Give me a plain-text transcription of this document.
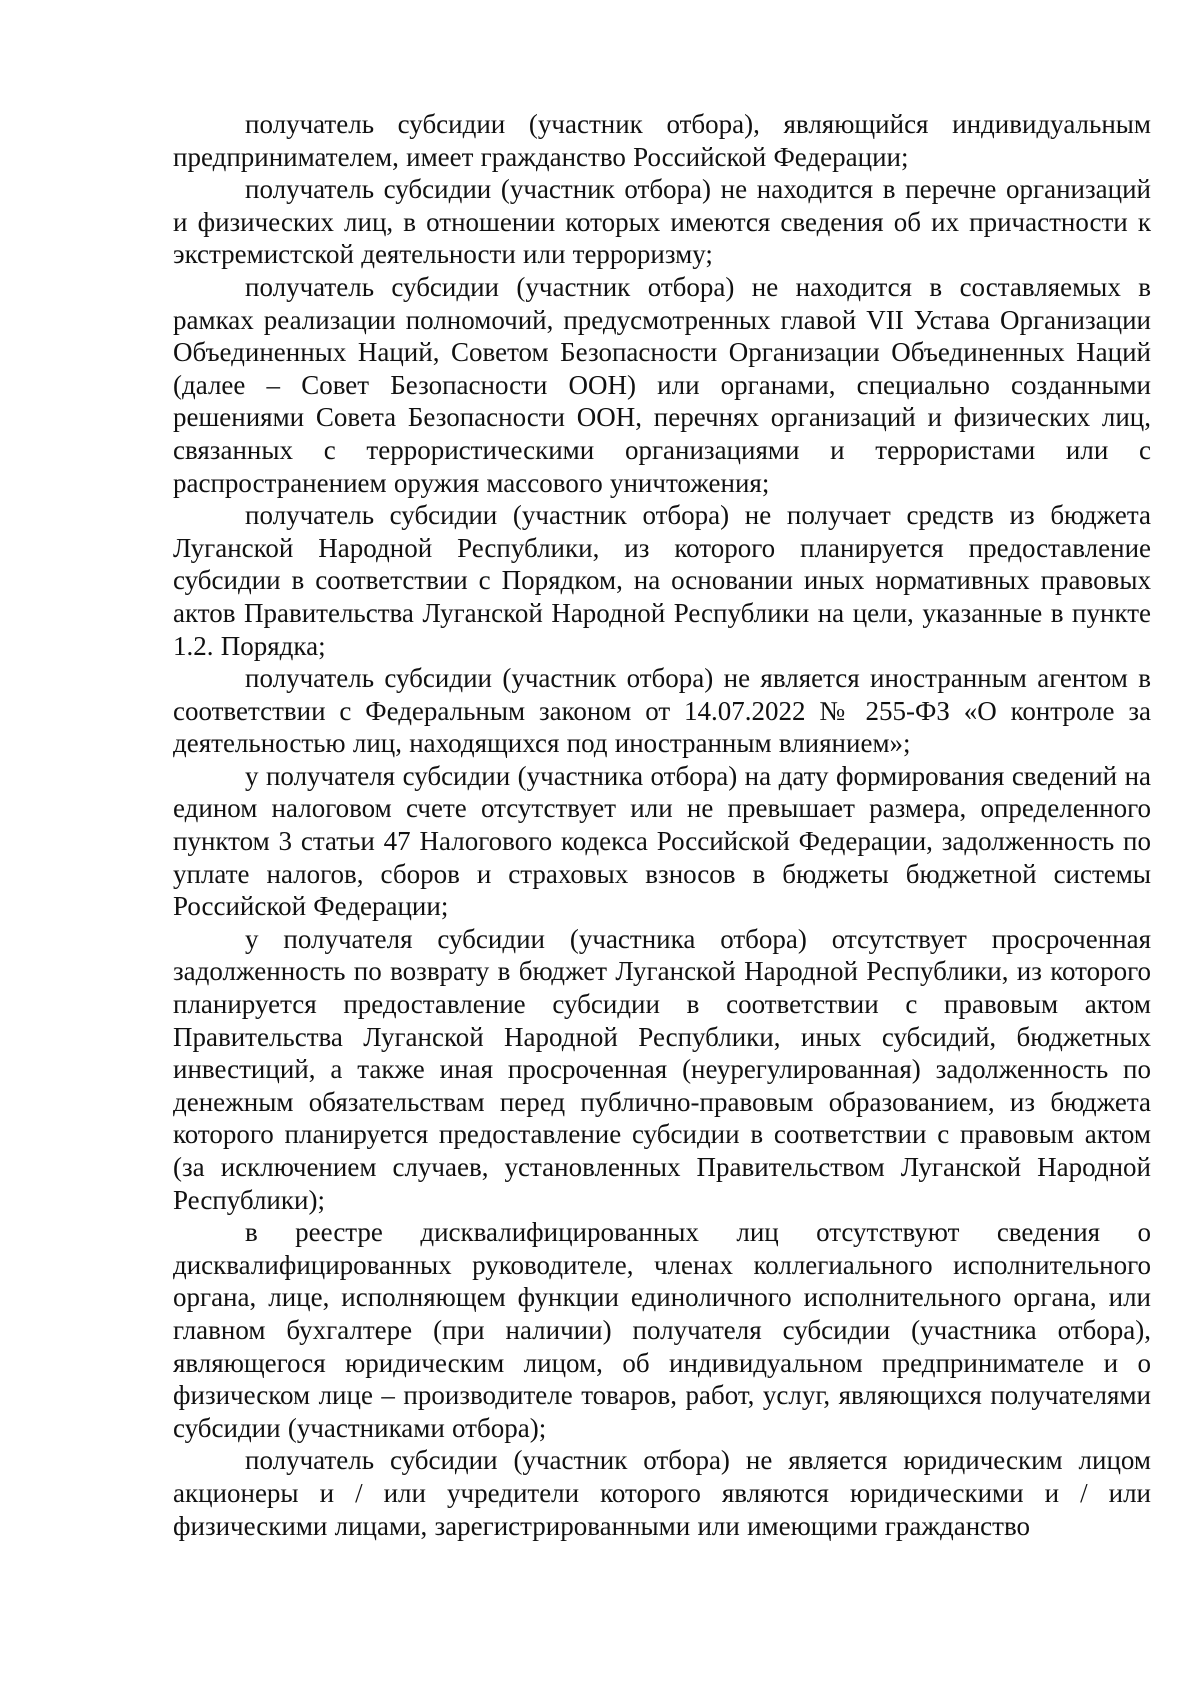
получатель субсидии (участник отбора), являющийся индивидуальным предпринимателем, имеет гражданство Российской Федерации;

получатель субсидии (участник отбора) не находится в перечне организаций и физических лиц, в отношении которых имеются сведения об их причастности к экстремистской деятельности или терроризму;

получатель субсидии (участник отбора) не находится в составляемых в рамках реализации полномочий, предусмотренных главой VII Устава Организации Объединенных Наций, Советом Безопасности Организации Объединенных Наций (далее – Совет Безопасности ООН) или органами, специально созданными решениями Совета Безопасности ООН, перечнях организаций и физических лиц, связанных с террористическими организациями и террористами или с распространением оружия массового уничтожения;

получатель субсидии (участник отбора) не получает средств из бюджета Луганской Народной Республики, из которого планируется предоставление субсидии в соответствии с Порядком, на основании иных нормативных правовых актов Правительства Луганской Народной Республики на цели, указанные в пункте 1.2. Порядка;

получатель субсидии (участник отбора) не является иностранным агентом в соответствии с Федеральным законом от 14.07.2022 № 255-ФЗ «О контроле за деятельностью лиц, находящихся под иностранным влиянием»;

у получателя субсидии (участника отбора) на дату формирования сведений на едином налоговом счете отсутствует или не превышает размера, определенного пунктом 3 статьи 47 Налогового кодекса Российской Федерации, задолженность по уплате налогов, сборов и страховых взносов в бюджеты бюджетной системы Российской Федерации;

у получателя субсидии (участника отбора) отсутствует просроченная задолженность по возврату в бюджет Луганской Народной Республики, из которого планируется предоставление субсидии в соответствии с правовым актом Правительства Луганской Народной Республики, иных субсидий, бюджетных инвестиций, а также иная просроченная (неурегулированная) задолженность по денежным обязательствам перед публично-правовым образованием, из бюджета которого планируется предоставление субсидии в соответствии с правовым актом (за исключением случаев, установленных Правительством Луганской Народной Республики);

в реестре дисквалифицированных лиц отсутствуют сведения о дисквалифицированных руководителе, членах коллегиального исполнительного органа, лице, исполняющем функции единоличного исполнительного органа, или главном бухгалтере (при наличии) получателя субсидии (участника отбора), являющегося юридическим лицом, об индивидуальном предпринимателе и о физическом лице – производителе товаров, работ, услуг, являющихся получателями субсидии (участниками отбора);

получатель субсидии (участник отбора) не является юридическим лицом акционеры и / или учредители которого являются юридическими и / или физическими лицами, зарегистрированными или имеющими гражданство
